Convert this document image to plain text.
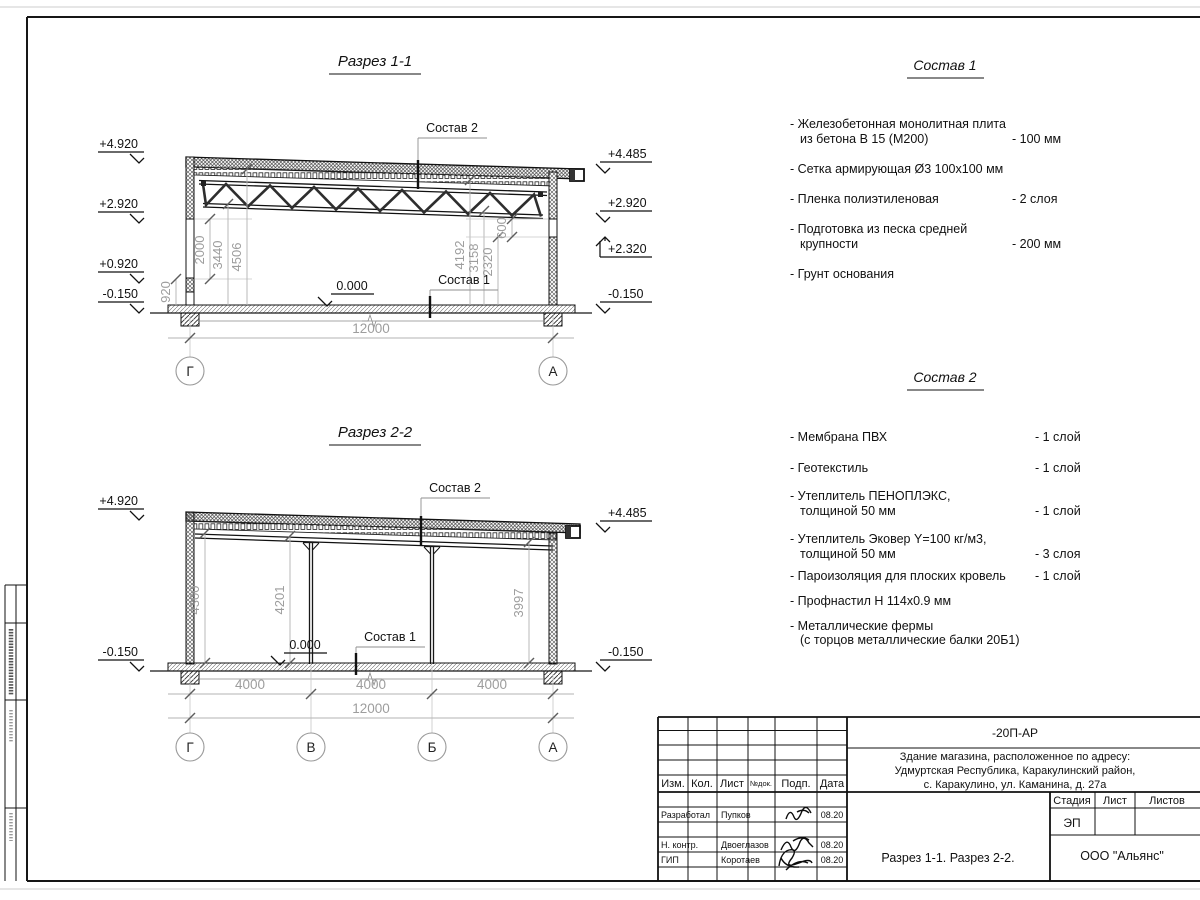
Разрез 1-1
920
2000 3440 4506	4192 3158 2320
600
12000
Г	А
+4.920
+2.920
+0.920
-0.150
+4.485
+2.920
+2.320
-0.150
Состав 2
Состав 1
0.000
Разрез 2-2
4300	4201	3997
4000	4000	4000
12000
Г	В	Б	А
+4.920
-0.150
+4.485
-0.150
Состав 2
Состав 1
0.000
Состав 1
- Железобетонная монолитная плита
из бетона В 15 (М200)	- 100 мм
- Сетка армирующая Ø3 100х100 мм
- Пленка полиэтиленовая	- 2 слоя
- Подготовка из песка средней
крупности	- 200 мм
- Грунт основания
Состав 2
- Мембрана ПВХ	- 1 слой
- Геотекстиль	- 1 слой
- Утеплитель ПЕНОПЛЭКС,
толщиной 50 мм	- 1 слой
- Утеплитель Эковер Y=100 кг/м3,
толщиной 50 мм	- 3 слоя
- Пароизоляция для плоских кровель - 1 слой
- Профнастил Н 114х0.9 мм
- Металлические фермы
(с торцов металлические балки 20Б1)
Изм. Кол. Лист №док. Подп. Дата
Разработал Пупков	08.20
Н. контр.	Двоеглазов	08.20
ГИП	Коротаев	08.20
-20П-АР
Здание магазина, расположенное по адресу:
Удмуртская Республика, Каракулинский район,
с. Каракулино, ул. Каманина, д. 27а
Стадия Лист Листов
ЭП
Разрез 1-1. Разрез 2-2.	ООО "Альянс"
